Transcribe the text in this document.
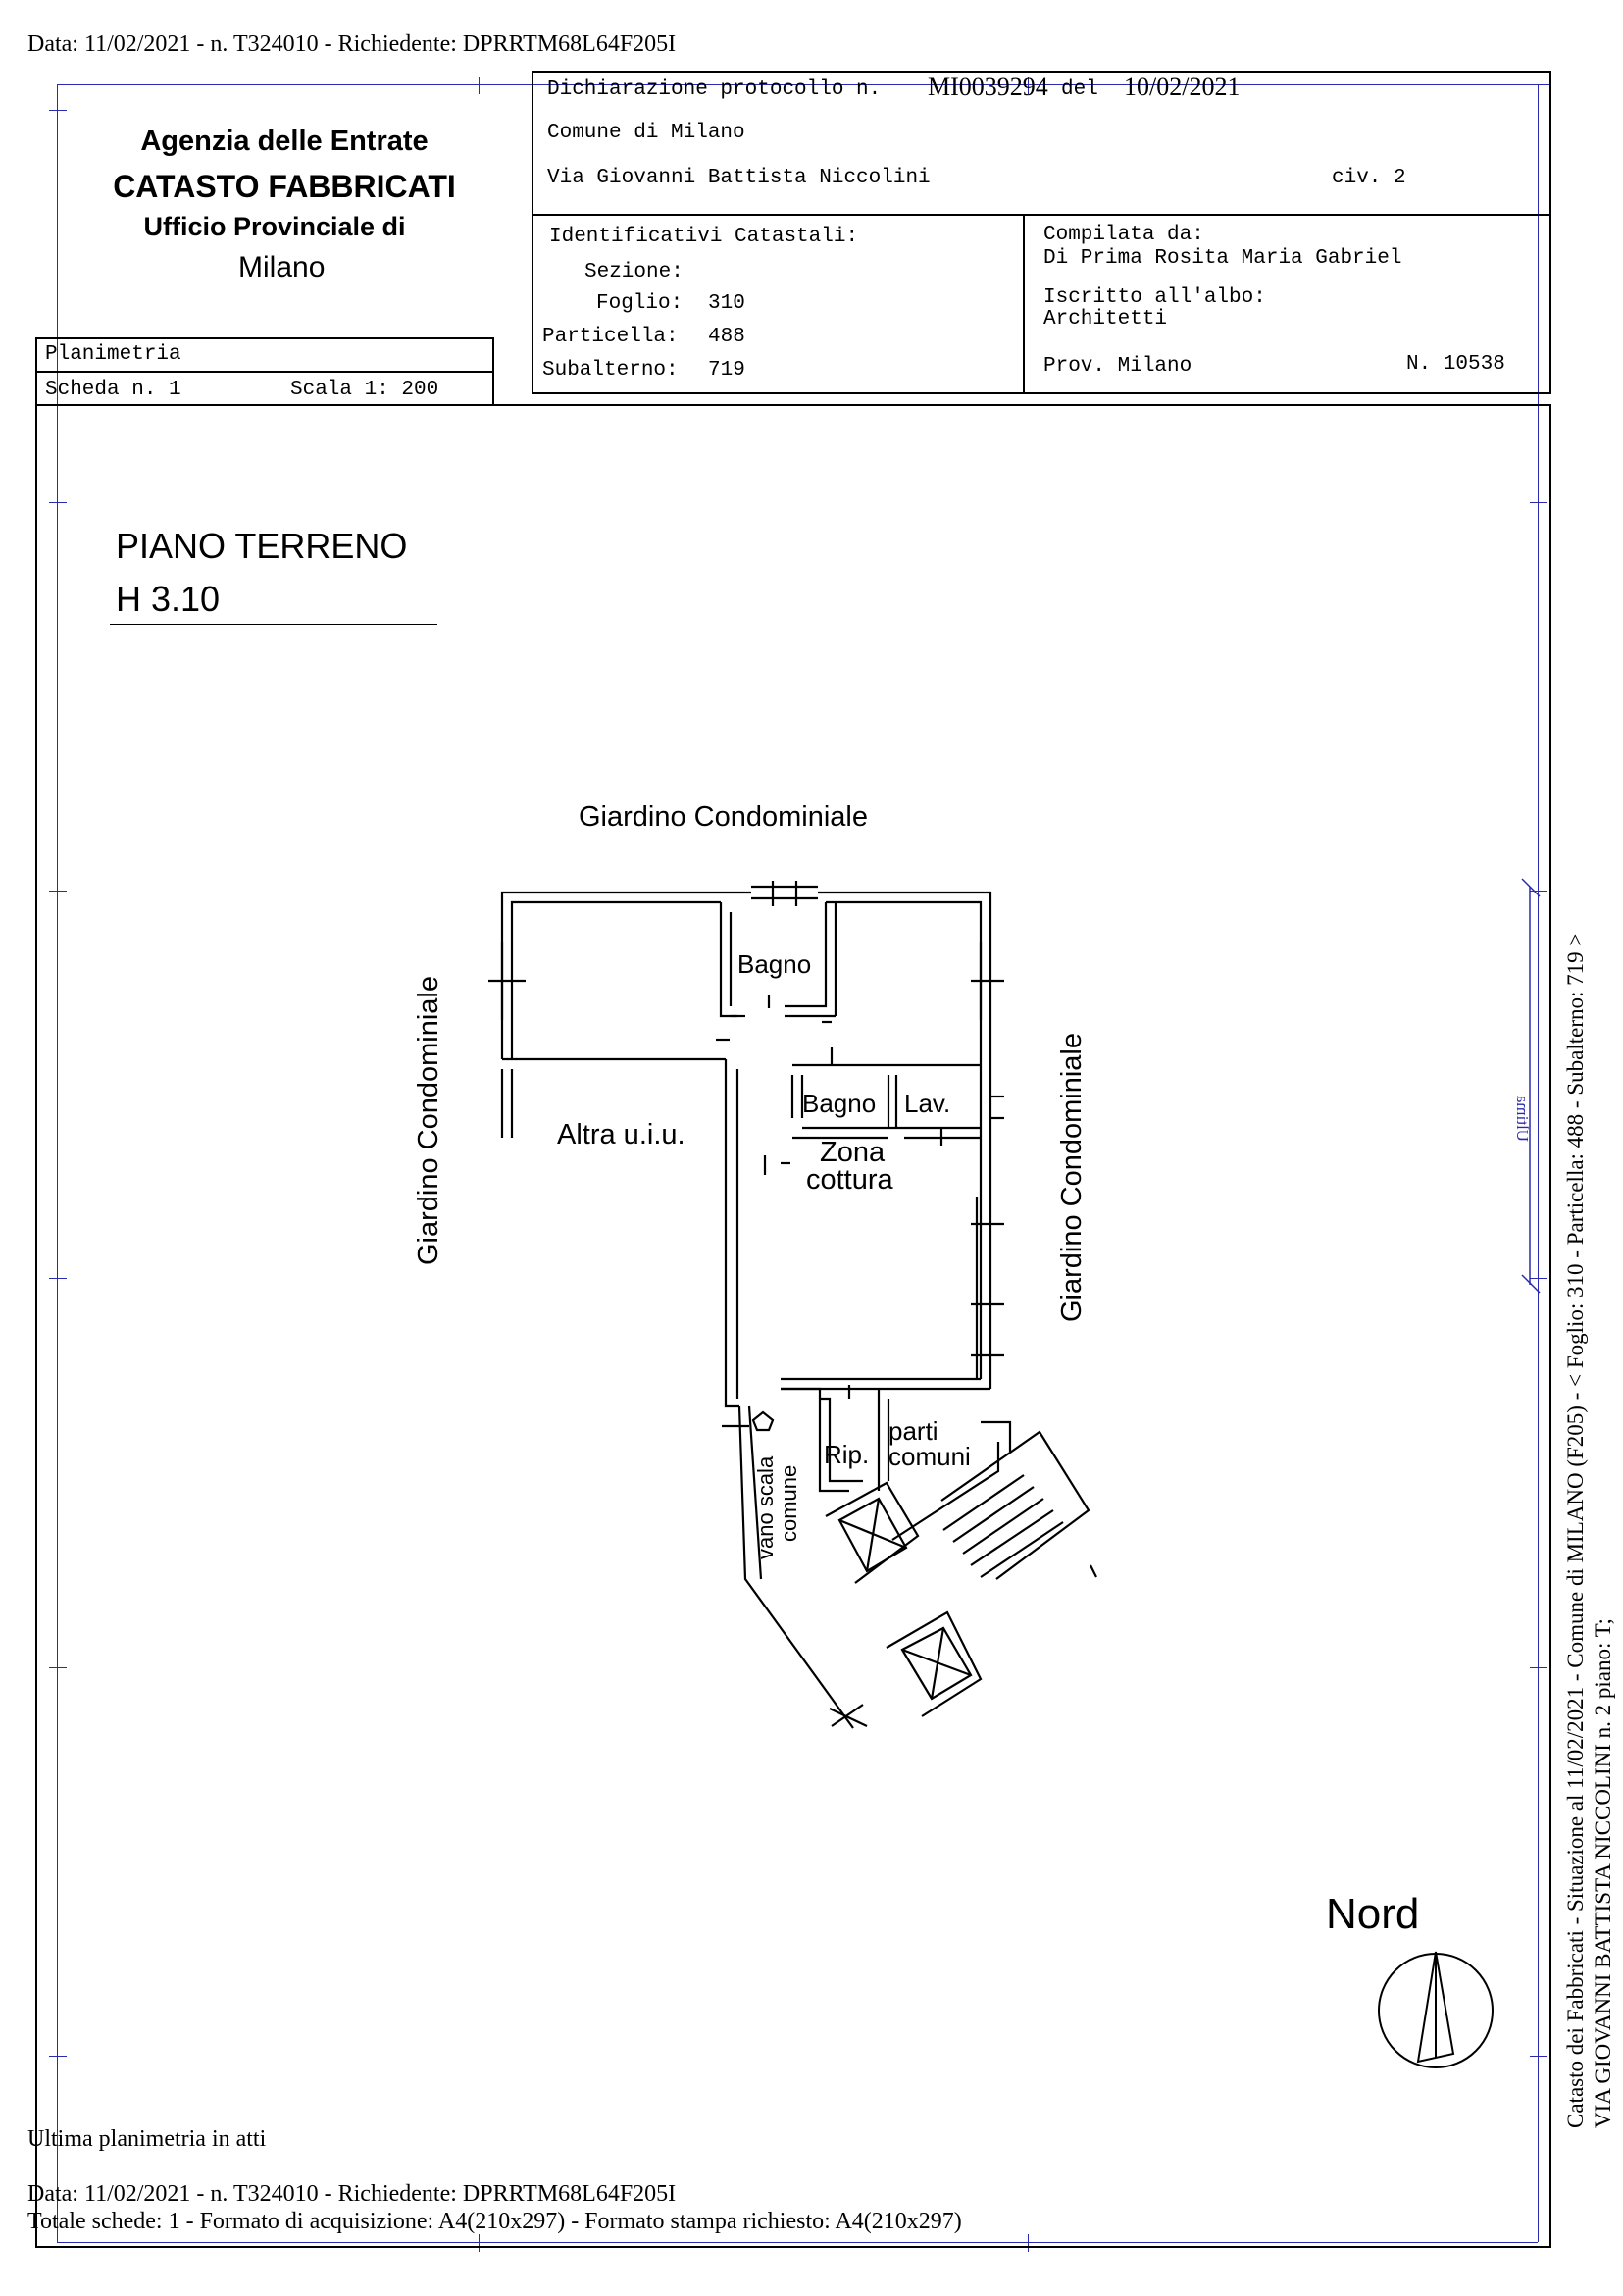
Data: 11/02/2021 - n. T324010 - Richiedente: DPRRTM68L64F205I
Agenzia delle Entrate
CATASTO FABBRICATI
Ufficio Provinciale di
Milano
Dichiarazione protocollo n. MI0039294 del 10/02/2021
Comune di Milano
Via Giovanni Battista Niccolini	civ. 2
Identificativi Catastali:
Sezione:
Foglio: 310
Particella: 488
Subalterno: 719
Compilata da:
Di Prima Rosita Maria Gabriel
Iscritto all'albo:
Architetti
Prov. Milano	N. 10538
Planimetria
Scheda n. 1	Scala 1: 200
PIANO TERRENO
H 3.10
Giardino Condominiale
Giardino Condominiale	Giardino Condominiale
Bagno
Bagno Lav.
Altra u.i.u.
Zona
cottura
Rip.
parti
comuni
vano scala comune
Nord	Catasto dei Fabbricati - Situazione al 11/02/2021 - Comune di MILANO (F205) - < Foglio: 310 - Particella: 488 - Subalterno: 719 > VIA GIOVANNI BATTISTA NICCOLINI n. 2 piano: T;
Ultima
Ultima planimetria in atti
Data: 11/02/2021 - n. T324010 - Richiedente: DPRRTM68L64F205I
Totale schede: 1 - Formato di acquisizione: A4(210x297) - Formato stampa richiesto: A4(210x297)
